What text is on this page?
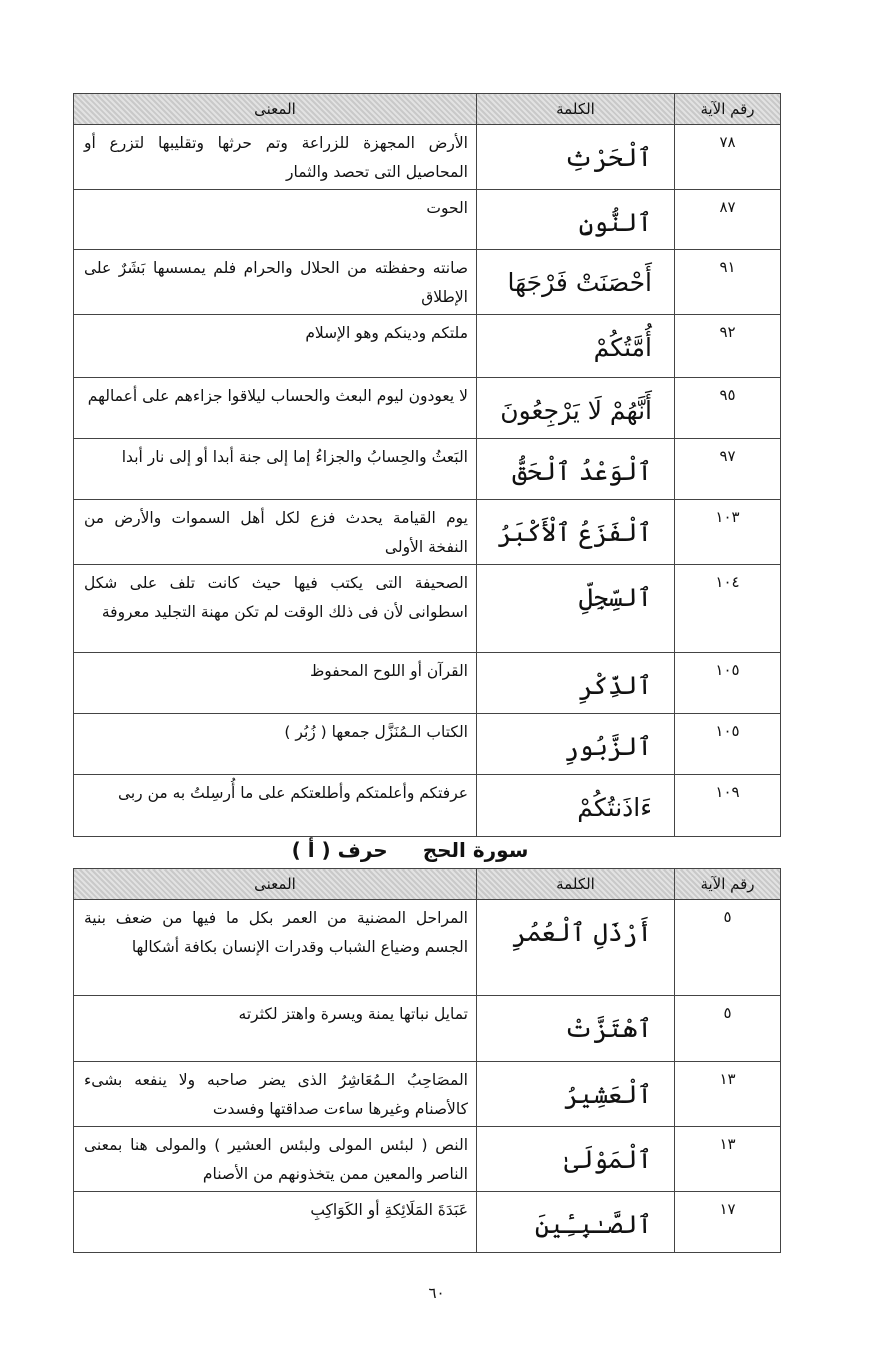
رقم الآية	الكلمة	المعنى
٧٨	ٱلْحَرْثِ	الأرض المجهزة للزراعة وتم حرثها وتقليبها لتزرع أو المحاصيل التى تحصد والثمار
٨٧	ٱلنُّونِ	الحوت
٩١	أَحْصَنَتْ فَرْجَهَا	صانته وحفظته من الحلال والحرام فلم يمسسها بَشَرٌ على الإطلاق
٩٢	أُمَّتُكُمْ	ملتكم ودينكم وهو الإسلام
٩٥	أَنَّهُمْ لَا يَرْجِعُونَ	لا يعودون ليوم البعث والحساب ليلاقوا جزاءهم على أعمالهم
٩٧	ٱلْوَعْدُ ٱلْحَقُّ	البَعثُ والحِسابُ والجزاءُ إما إلى جنة أبدا أو إلى نار أبدا
١٠٣	ٱلْفَزَعُ ٱلْأَكْبَرُ	يوم القيامة يحدث فزع لكل أهل السموات والأرض من النفخة الأولى
١٠٤	ٱلسِّجِلِّ	الصحيفة التى يكتب فيها حيث كانت تلف على شكل اسطوانى لأن فى ذلك الوقت لم تكن مهنة التجليد معروفة
١٠٥	ٱلذِّكْرِ	القرآن أو اللوح المحفوظ
١٠٥	ٱلزَّبُورِ	الكتاب الـمُنَزَّل جمعها ( زُبُر )
١٠٩	ءَاذَنتُكُمْ	عرفتكم وأعلمتكم وأطلعتكم على ما أُرسِلتُ به من ربى
سورة الحج حرف ( أ )
رقم الآية	الكلمة	المعنى
٥	أَرْذَلِ ٱلْعُمُرِ	المراحل المضنية من العمر بكل ما فيها من ضعف بنية الجسم وضياع الشباب وقدرات الإنسان بكافة أشكالها
٥	ٱهْتَزَّتْ	تمايل نباتها يمنة ويسرة واهتز لكثرته
١٣	ٱلْعَشِيرُ	المصَاحِبُ الـمُعَاشِرُ الذى يضر صاحبه ولا ينفعه بشىء كالأصنام وغيرها ساءت صداقتها وفسدت
١٣	ٱلْمَوْلَىٰ	النص ( لبئس المولى ولبئس العشير ) والمولى هنا بمعنى الناصر والمعين ممن يتخذونهم من الأصنام
١٧	ٱلصَّـٰبِـِٔينَ	عَبَدَةَ المَلَائِكةِ أو الكَوَاكِبِ
٦٠
